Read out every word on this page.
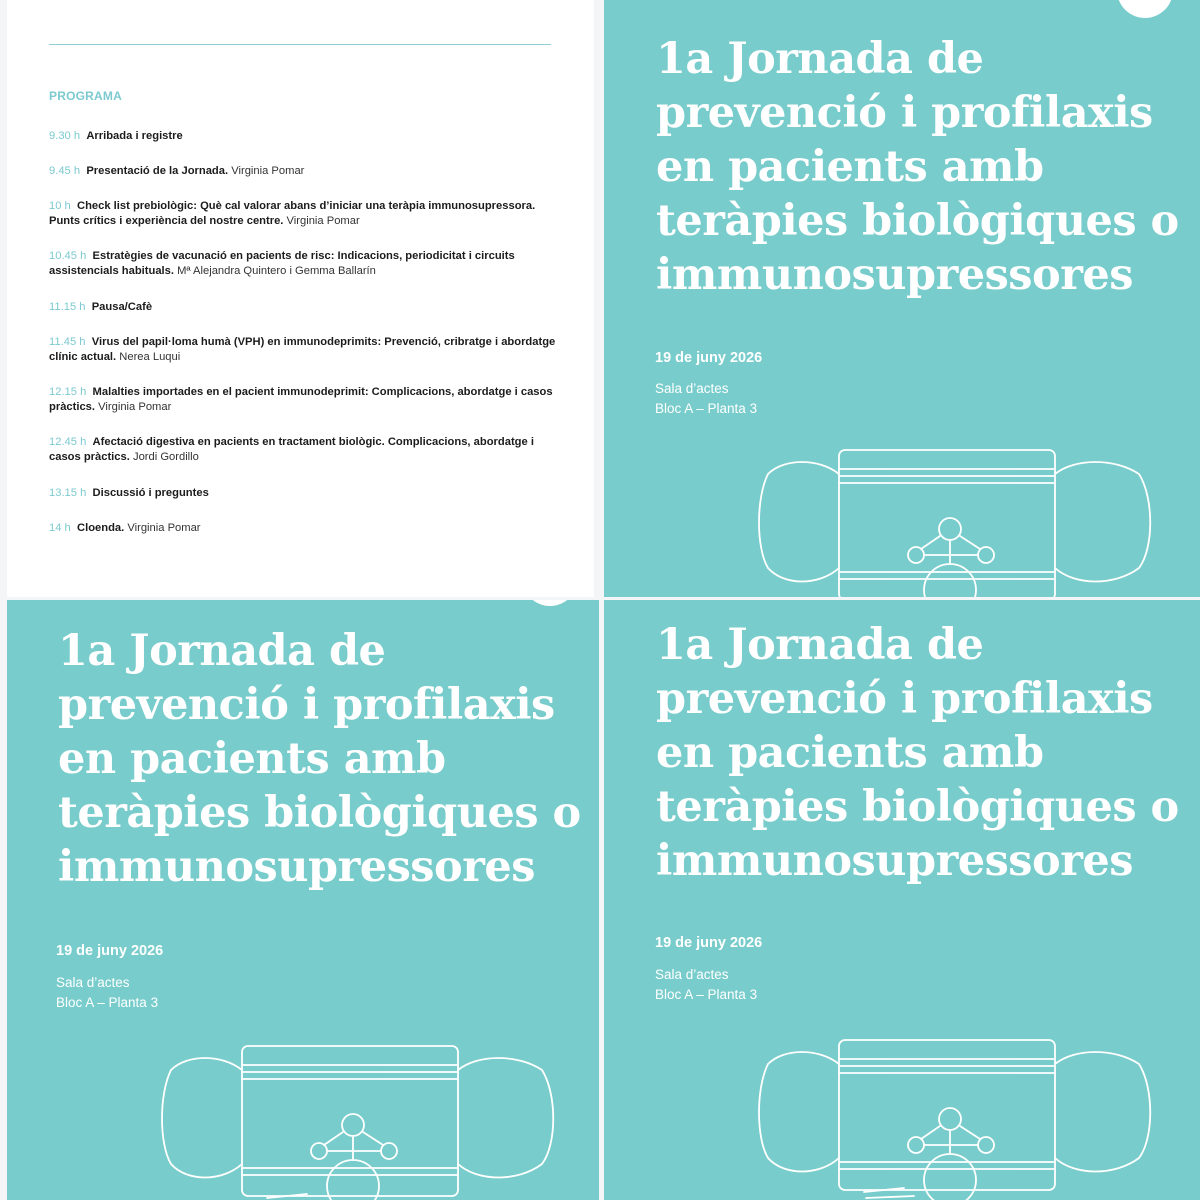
PROGRAMA
9.30 h Arribada i registre
9.45 h Presentació de la Jornada. Virginia Pomar
10 h Check list prebiològic: Què cal valorar abans d’iniciar una teràpia immunosupressora. Punts crítics i experiència del nostre centre. Virginia Pomar
10.45 h Estratègies de vacunació en pacients de risc: Indicacions, periodicitat i circuits assistencials habituals. Mª Alejandra Quintero i Gemma Ballarín
11.15 h Pausa/Cafè
11.45 h Virus del papil·loma humà (VPH) en immunodeprimits: Prevenció, cribratge i abordatge clínic actual. Nerea Luqui
12.15 h Malalties importades en el pacient immunodeprimit: Complicacions, abordatge i casos pràctics. Virginia Pomar
12.45 h Afectació digestiva en pacients en tractament biològic. Complicacions, abordatge i casos pràctics. Jordi Gordillo
13.15 h Discussió i preguntes
14 h Cloenda. Virginia Pomar
1a Jornada de
prevenció i profilaxis
en pacients amb
teràpies biològiques o
immunosupressores
19 de juny 2026
Sala d’actes
Bloc A – Planta 3
1a Jornada de
prevenció i profilaxis
en pacients amb
teràpies biològiques o
immunosupressores
19 de juny 2026
Sala d’actes
Bloc A – Planta 3
1a Jornada de
prevenció i profilaxis
en pacients amb
teràpies biològiques o
immunosupressores
19 de juny 2026
Sala d’actes
Bloc A – Planta 3
